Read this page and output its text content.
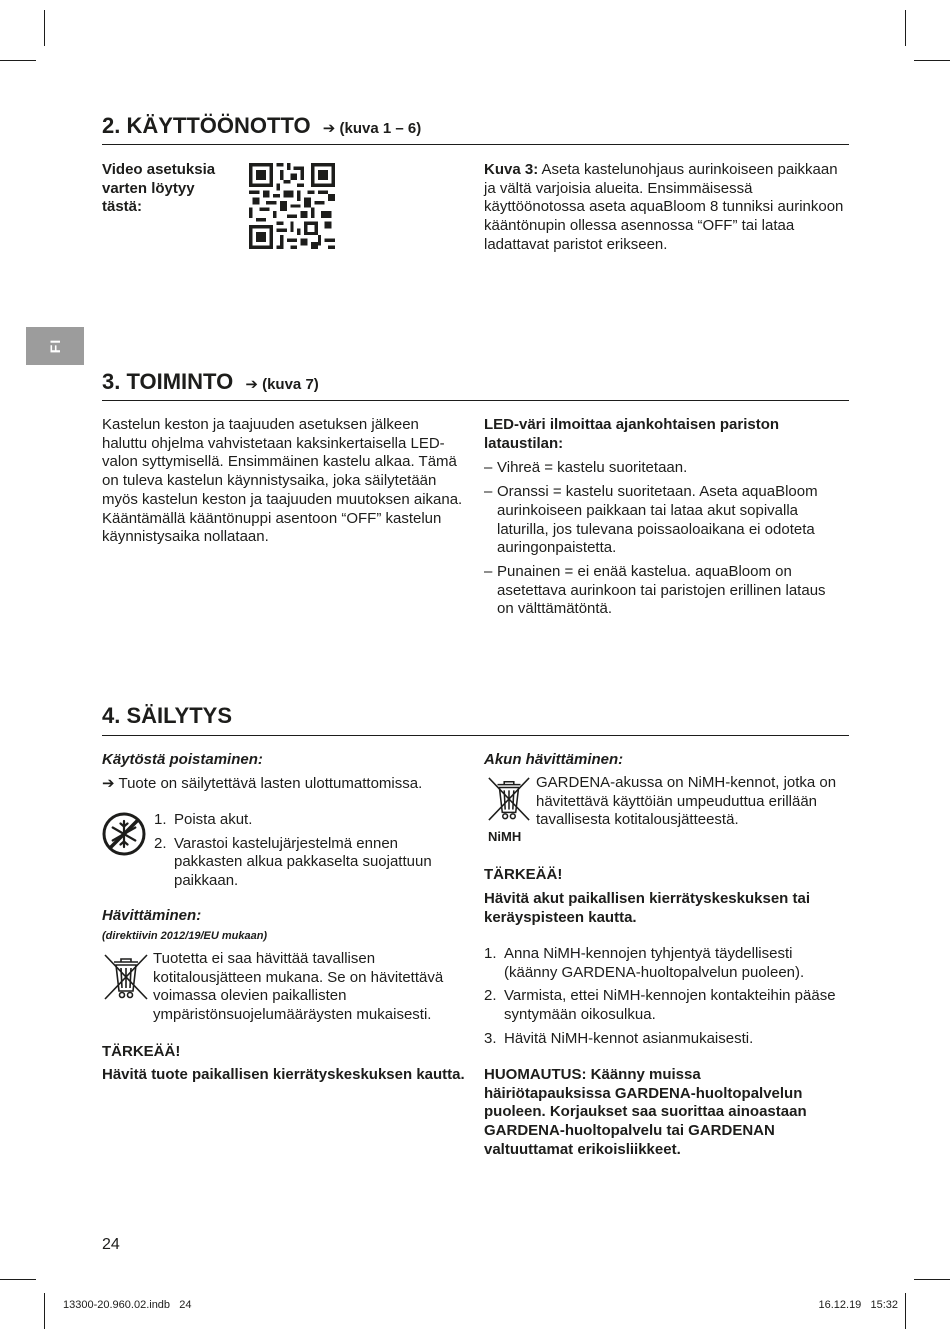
FI
2. KÄYTTÖÖNOTTO ➔ (kuva 1 – 6)
Video asetuksia varten löytyy tästä:
Kuva 3: Aseta kastelunohjaus aurinkoiseen paikkaan ja vältä varjoisia alueita. Ensimmäisessä käyttöönotossa aseta aquaBloom 8 tunniksi aurinkoon kääntönupin ollessa asennossa “OFF” tai lataa ladattavat paristot erikseen.
3. TOIMINTO ➔ (kuva 7)
Kastelun keston ja taajuuden asetuksen jälkeen haluttu ohjelma vahvistetaan kaksinkertaisella LED-valon syttymisellä. Ensimmäinen kastelu alkaa. Tämä on tuleva kastelun käynnistysaika, joka säilytetään myös kastelun keston ja taajuuden muutoksen aikana. Kääntämällä kääntönuppi asentoon “OFF” kastelun käynnistysaika nollataan.

LED-väri ilmoittaa ajankohtaisen pariston lataustilan:

– Vihreä = kastelu suoritetaan.
– Oranssi = kastelu suoritetaan. Aseta aquaBloom aurinkoiseen paikkaan tai lataa akut sopivalla laturilla, jos tulevana poissaoloaikana ei odoteta auringonpaistetta.
– Punainen = ei enää kastelua. aquaBloom on asetettava aurinkoon tai paristojen erillinen lataus on välttämätöntä.
4. SÄILYTYS
Käytöstä poistaminen:
➔ Tuote on säilytettävä lasten ulottumattomissa.
1. Poista akut.
2. Varastoi kastelujärjestelmä ennen pakkasten alkua pakkaselta suojattuun paikkaan.
Hävittäminen:
(direktiivin 2012/19/EU mukaan)
Tuotetta ei saa hävittää tavallisen kotitalousjätteen mukana. Se on hävitettävä voimassa olevien paikallisten ympäristönsuojelumääräysten mukaisesti.
TÄRKEÄÄ!
Hävitä tuote paikallisen kierrätyskeskuksen kautta.
Akun hävittäminen:
NiMH
GARDENA-akussa on NiMH-kennot, jotka on hävitettävä käyttöiän umpeuduttua erillään tavallisesta kotitalousjätteestä.
TÄRKEÄÄ!
Hävitä akut paikallisen kierrätyskeskuksen tai keräyspisteen kautta.
1. Anna NiMH-kennojen tyhjentyä täydellisesti (käänny GARDENA-huoltopalvelun puoleen).
2. Varmista, ettei NiMH-kennojen kontakteihin pääse syntymään oikosulkua.
3. Hävitä NiMH-kennot asianmukaisesti.
HUOMAUTUS: Käänny muissa häiriötapauksissa GARDENA-huoltopalvelun puoleen. Korjaukset saa suorittaa ainoastaan GARDENA-huoltopalvelu tai GARDENAN valtuuttamat erikoisliikkeet.
24
13300-20.960.02.indb   24	16.12.19   15:32
